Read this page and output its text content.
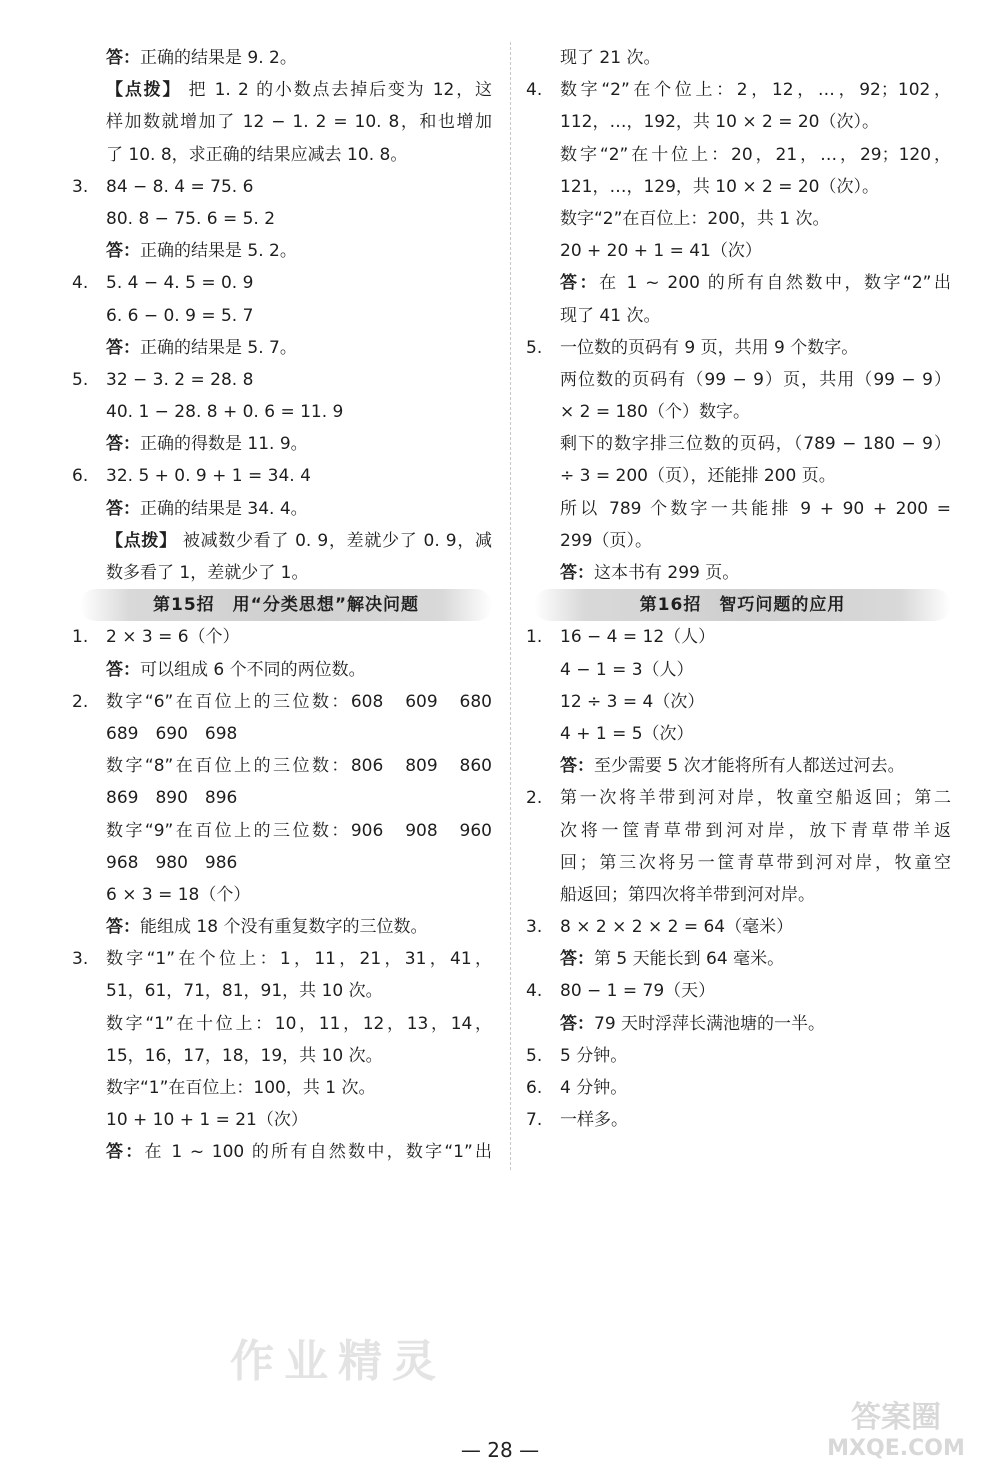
答：正确的结果是 9. 2。
【点拨】 把 1. 2 的小数点去掉后变为 12，这
样加数就增加了 12 − 1. 2 = 10. 8，和也增加
了 10. 8，求正确的结果应减去 10. 8。
3.	84 − 8. 4 = 75. 6
80. 8 − 75. 6 = 5. 2
答：正确的结果是 5. 2。
4.	5. 4 − 4. 5 = 0. 9
6. 6 − 0. 9 = 5. 7
答：正确的结果是 5. 7。
5.	32 − 3. 2 = 28. 8
40. 1 − 28. 8 + 0. 6 = 11. 9
答：正确的得数是 11. 9。
6.	32. 5 + 0. 9 + 1 = 34. 4
答：正确的结果是 34. 4。
【点拨】 被减数少看了 0. 9，差就少了 0. 9，减
数多看了 1，差就少了 1。
第15招　用“分类思想”解决问题
1.	2 × 3 = 6（个）
答：可以组成 6 个不同的两位数。
2.	数字“6”在百位上的三位数：608　609　680
689　690　698
数字“8”在百位上的三位数：806　809　860
869　890　896
数字“9”在百位上的三位数：906　908　960
968　980　986
6 × 3 = 18（个）
答：能组成 18 个没有重复数字的三位数。
3.	数字“1”在个位上：1，11，21，31，41，
51，61，71，81，91，共 10 次。
数字“1”在十位上：10，11，12，13，14，
15，16，17，18，19，共 10 次。
数字“1”在百位上：100，共 1 次。
10 + 10 + 1 = 21（次）
答：在 1 ~ 100 的所有自然数中，数字“1”出
现了 21 次。
4.	数字“2”在个位上：2，12，…，92；102，
112，…，192，共 10 × 2 = 20（次）。
数字“2”在十位上：20，21，…，29；120，
121，…，129，共 10 × 2 = 20（次）。
数字“2”在百位上：200，共 1 次。
20 + 20 + 1 = 41（次）
答：在 1 ~ 200 的所有自然数中，数字“2”出
现了 41 次。
5.	一位数的页码有 9 页，共用 9 个数字。
两位数的页码有（99 − 9）页，共用（99 − 9）
× 2 = 180（个）数字。
剩下的数字排三位数的页码，（789 − 180 − 9）
÷ 3 = 200（页），还能排 200 页。
所以 789 个数字一共能排 9 + 90 + 200 =
299（页）。
答：这本书有 299 页。
第16招　智巧问题的应用
1.	16 − 4 = 12（人）
4 − 1 = 3（人）
12 ÷ 3 = 4（次）
4 + 1 = 5（次）
答：至少需要 5 次才能将所有人都送过河去。
2.	第一次将羊带到河对岸，牧童空船返回；第二
次将一筐青草带到河对岸，放下青草带羊返
回；第三次将另一筐青草带到河对岸，牧童空
船返回；第四次将羊带到河对岸。
3.	8 × 2 × 2 × 2 = 64（毫米）
答：第 5 天能长到 64 毫米。
4.	80 − 1 = 79（天）
答：79 天时浮萍长满池塘的一半。
5.	5 分钟。
6.	4 分钟。
7.	一样多。
作业精灵
— 28 —
答案圈
MXQE.COM
